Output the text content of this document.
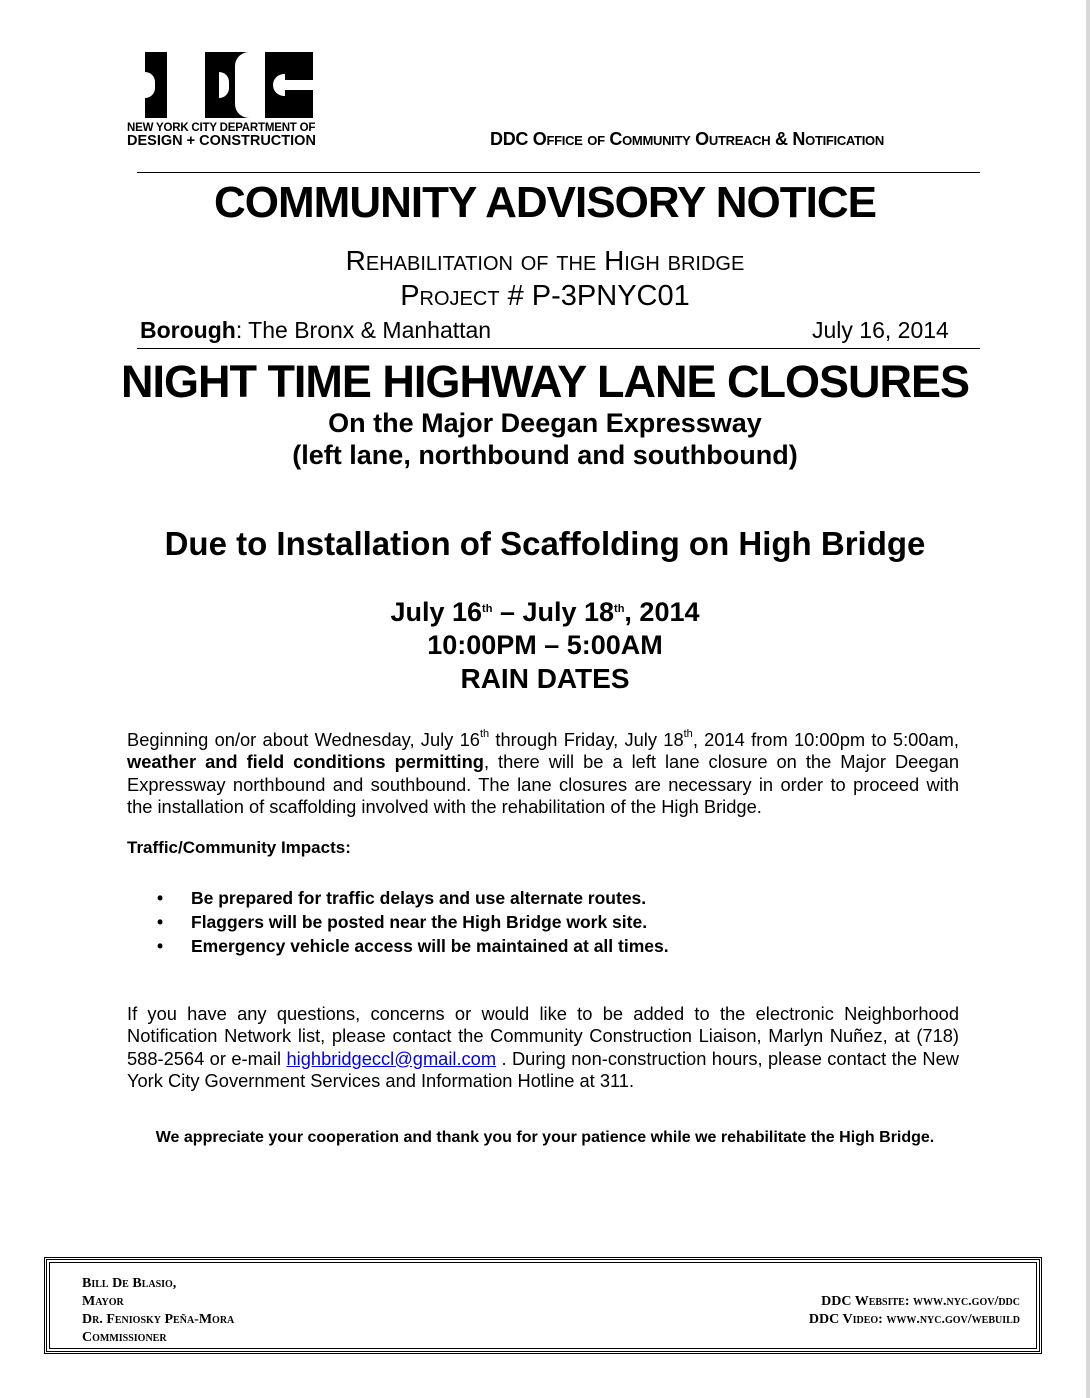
NEW YORK CITY DEPARTMENT OF
DESIGN + CONSTRUCTION	DDC Office of Community Outreach & Notification
COMMUNITY ADVISORY NOTICE
Rehabilitation of the High bridge
Project # P-3PNYC01
Borough: The Bronx & Manhattan	July 16, 2014
NIGHT TIME HIGHWAY LANE CLOSURES
On the Major Deegan Expressway
(left lane, northbound and southbound)
Due to Installation of Scaffolding on High Bridge
July 16th – July 18th, 2014
10:00PM – 5:00AM
RAIN DATES
Beginning on/or about Wednesday, July 16th through Friday, July 18th, 2014 from 10:00pm to 5:00am, weather and field conditions permitting, there will be a left lane closure on the Major Deegan Expressway northbound and southbound. The lane closures are necessary in order to proceed with the installation of scaffolding involved with the rehabilitation of the High Bridge.
Traffic/Community Impacts:
•	Be prepared for traffic delays and use alternate routes.
•	Flaggers will be posted near the High Bridge work site.
•	Emergency vehicle access will be maintained at all times.
If you have any questions, concerns or would like to be added to the electronic Neighborhood Notification Network list, please contact the Community Construction Liaison, Marlyn Nuñez, at (718) 588-2564 or e-mail highbridgeccl@gmail.com . During non-construction hours, please contact the New York City Government Services and Information Hotline at 311.
We appreciate your cooperation and thank you for your patience while we rehabilitate the High Bridge.
Bill De Blasio,
Mayor
Dr. Feniosky Peña-Mora
Commissioner
DDC Website: www.nyc.gov/ddc
DDC Video: www.nyc.gov/webuild
